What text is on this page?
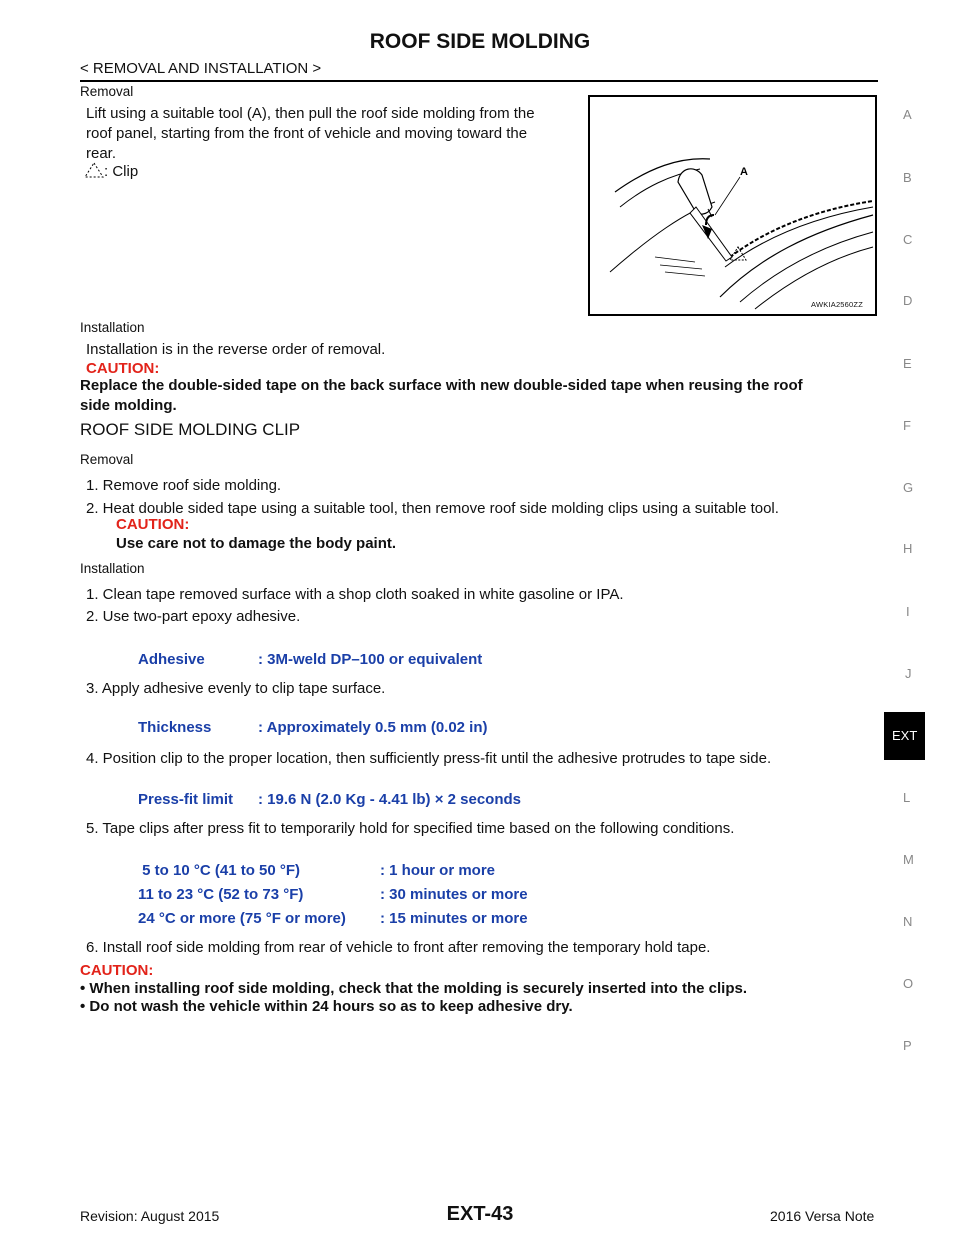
ROOF SIDE MOLDING
< REMOVAL AND INSTALLATION >
Removal
Lift using a suitable tool (A), then pull the roof side molding from the
roof panel, starting from the front of vehicle and moving toward the
rear.
: Clip	A
AWKIA2560ZZ
Installation
Installation is in the reverse order of removal.
CAUTION:
Replace the double-sided tape on the back surface with new double-sided tape when reusing the roof
side molding.
ROOF SIDE MOLDING CLIP
Removal
1. Remove roof side molding.
2. Heat double sided tape using a suitable tool, then remove roof side molding clips using a suitable tool.
CAUTION:
Use care not to damage the body paint.
Installation
1. Clean tape removed surface with a shop cloth soaked in white gasoline or IPA.
2. Use two-part epoxy adhesive.
Adhesive	: 3M-weld DP–100 or equivalent
3. Apply adhesive evenly to clip tape surface.
Thickness	: Approximately 0.5 mm (0.02 in)
4. Position clip to the proper location, then sufficiently press-fit until the adhesive protrudes to tape side.
Press-fit limit : 19.6 N (2.0 Kg - 4.41 lb) × 2 seconds
5. Tape clips after press fit to temporarily hold for specified time based on the following conditions.
5 to 10 °C (41 to 50 °F)	: 1 hour or more
11 to 23 °C (52 to 73 °F)	: 30 minutes or more
24 °C or more (75 °F or more) : 15 minutes or more
6. Install roof side molding from rear of vehicle to front after removing the temporary hold tape.
CAUTION:
• When installing roof side molding, check that the molding is securely inserted into the clips.
• Do not wash the vehicle within 24 hours so as to keep adhesive dry.
A
B
C
D
E
F
G
H
I
J
EXT
L
M
N
O
P
Revision: August 2015	EXT-43	2016 Versa Note
